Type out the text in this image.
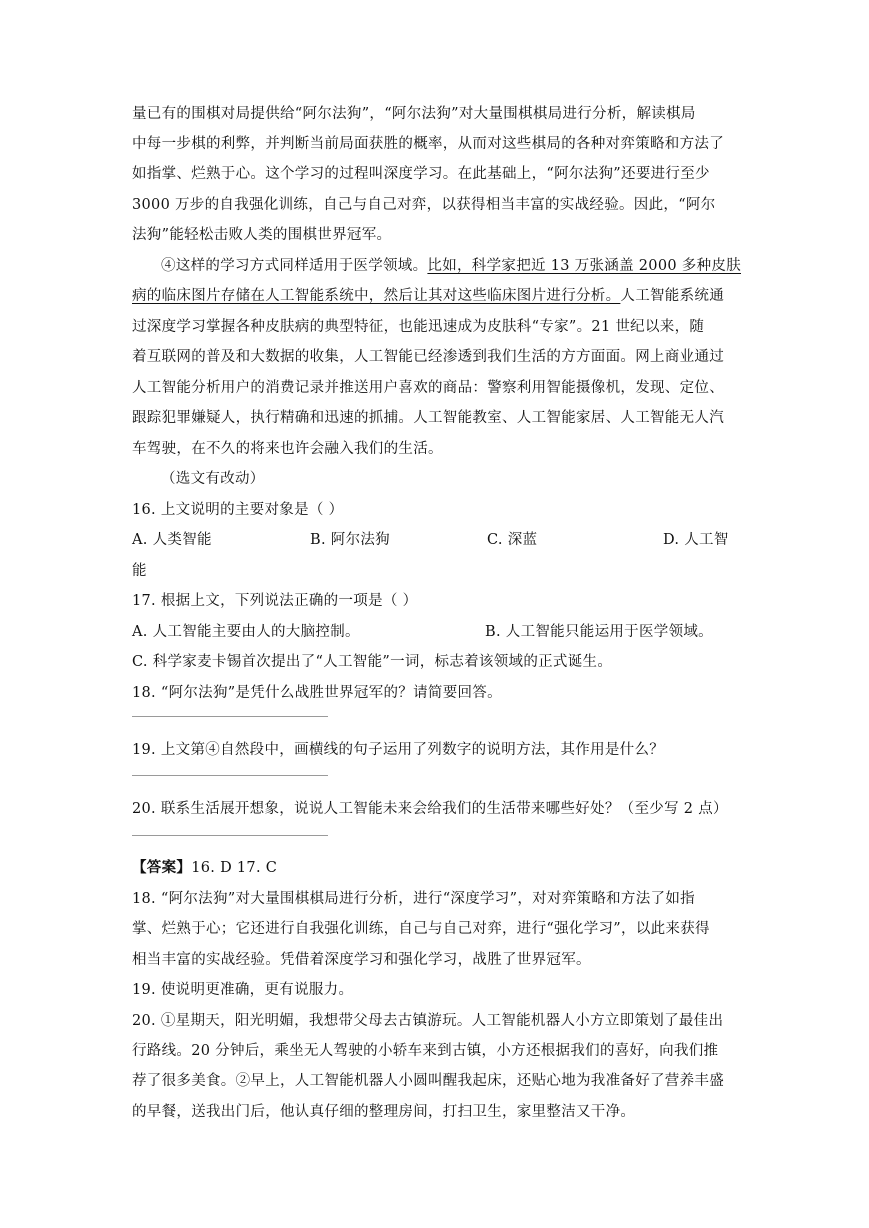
量已有的围棋对局提供给“阿尔法狗”，“阿尔法狗”对大量围棋棋局进行分析，解读棋局
中每一步棋的利弊，并判断当前局面获胜的概率，从而对这些棋局的各种对弈策略和方法了
如指掌、烂熟于心。这个学习的过程叫深度学习。在此基础上，“阿尔法狗”还要进行至少
3000 万步的自我强化训练，自己与自己对弈，以获得相当丰富的实战经验。因此，“阿尔
法狗”能轻松击败人类的围棋世界冠军。
④这样的学习方式同样适用于医学领域。比如，科学家把近 13 万张涵盖 2000 多种皮肤
病的临床图片存储在人工智能系统中，然后让其对这些临床图片进行分析。人工智能系统通
过深度学习掌握各种皮肤病的典型特征，也能迅速成为皮肤科“专家”。21 世纪以来，随
着互联网的普及和大数据的收集，人工智能已经渗透到我们生活的方方面面。网上商业通过
人工智能分析用户的消费记录并推送用户喜欢的商品：警察利用智能摄像机，发现、定位、
跟踪犯罪嫌疑人，执行精确和迅速的抓捕。人工智能教室、人工智能家居、人工智能无人汽
车驾驶，在不久的将来也许会融入我们的生活。
（选文有改动）
16. 上文说明的主要对象是（ ）
A. 人类智能	B. 阿尔法狗	C. 深蓝	D. 人工智
能
17. 根据上文，下列说法正确的一项是（ ）
A. 人工智能主要由人的大脑控制。	B. 人工智能只能运用于医学领域。
C. 科学家麦卡锡首次提出了“人工智能”一词，标志着该领域的正式诞生。
18. “阿尔法狗”是凭什么战胜世界冠军的？请简要回答。
19. 上文第④自然段中，画横线的句子运用了列数字的说明方法，其作用是什么？
20. 联系生活展开想象，说说人工智能未来会给我们的生活带来哪些好处？（至少写 2 点）
【答案】16. D 17. C
18. “阿尔法狗”对大量围棋棋局进行分析，进行“深度学习”，对对弈策略和方法了如指
掌、烂熟于心；它还进行自我强化训练，自己与自己对弈，进行“强化学习”，以此来获得
相当丰富的实战经验。凭借着深度学习和强化学习，战胜了世界冠军。
19. 使说明更准确，更有说服力。
20. ①星期天，阳光明媚，我想带父母去古镇游玩。人工智能机器人小方立即策划了最佳出
行路线。20 分钟后，乘坐无人驾驶的小轿车来到古镇，小方还根据我们的喜好，向我们推
荐了很多美食。②早上，人工智能机器人小圆叫醒我起床，还贴心地为我准备好了营养丰盛
的早餐，送我出门后，他认真仔细的整理房间，打扫卫生，家里整洁又干净。
